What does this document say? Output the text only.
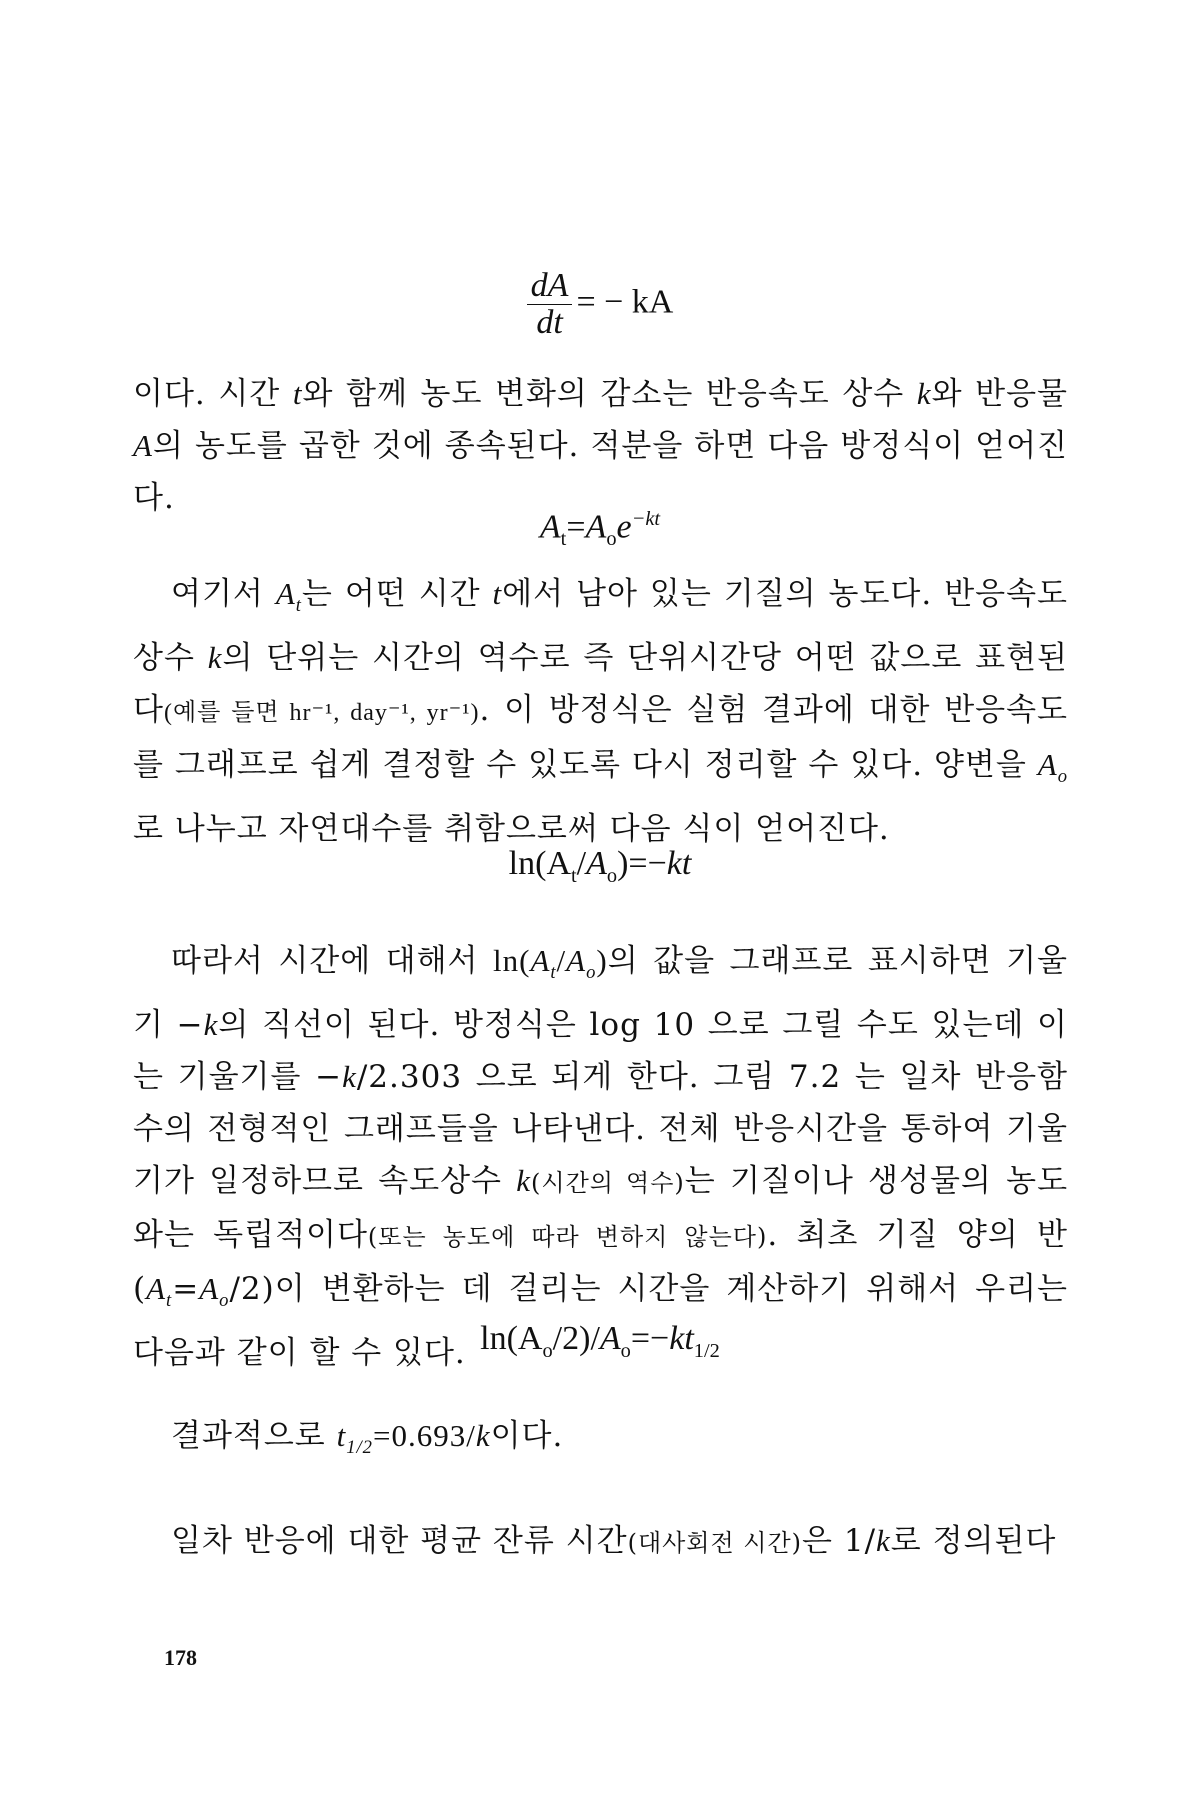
$\frac{dA}{dt}$ = − kA

이다. 시간 t와 함께 농도 변화의 감소는 반응속도 상수 k와 반응물 A의 농도를 곱한 것에 종속된다. 적분을 하면 다음 방정식이 얻어진다.

$A_t=A_oe^{-kt}$

여기서 $A_t$는 어떤 시간 t에서 남아 있는 기질의 농도다. 반응속도 상수 k의 단위는 시간의 역수로 즉 단위시간당 어떤 값으로 표현된다(예를 들면 hr⁻¹, day⁻¹, yr⁻¹). 이 방정식은 실험 결과에 대한 반응속도를 그래프로 쉽게 결정할 수 있도록 다시 정리할 수 있다. 양변을 $A_o$로 나누고 자연대수를 취함으로써 다음 식이 얻어진다.

$\ln(A_t/A_o)=-kt$

따라서 시간에 대해서 $\ln(A_t/A_o)$의 값을 그래프로 표시하면 기울기 −k의 직선이 된다. 방정식은 log 10 으로 그릴 수도 있는데 이는 기울기를 −k/2.303 으로 되게 한다. 그림 7.2 는 일차 반응함수의 전형적인 그래프들을 나타낸다. 전체 반응시간을 통하여 기울기가 일정하므로 속도상수 k(시간의 역수)는 기질이나 생성물의 농도와는 독립적이다(또는 농도에 따라 변하지 않는다). 최초 기질 양의 반$(A_t=A_o/2)$이 변환하는 데 걸리는 시간을 계산하기 위해서 우리는 다음과 같이 할 수 있다. $\ln(A_o/2)/A_o=-kt_{1/2}$

결과적으로 $t_{1/2}=0.693/k$이다.

일차 반응에 대한 평균 잔류 시간(대사회전 시간)은 1/k로 정의된다

178
